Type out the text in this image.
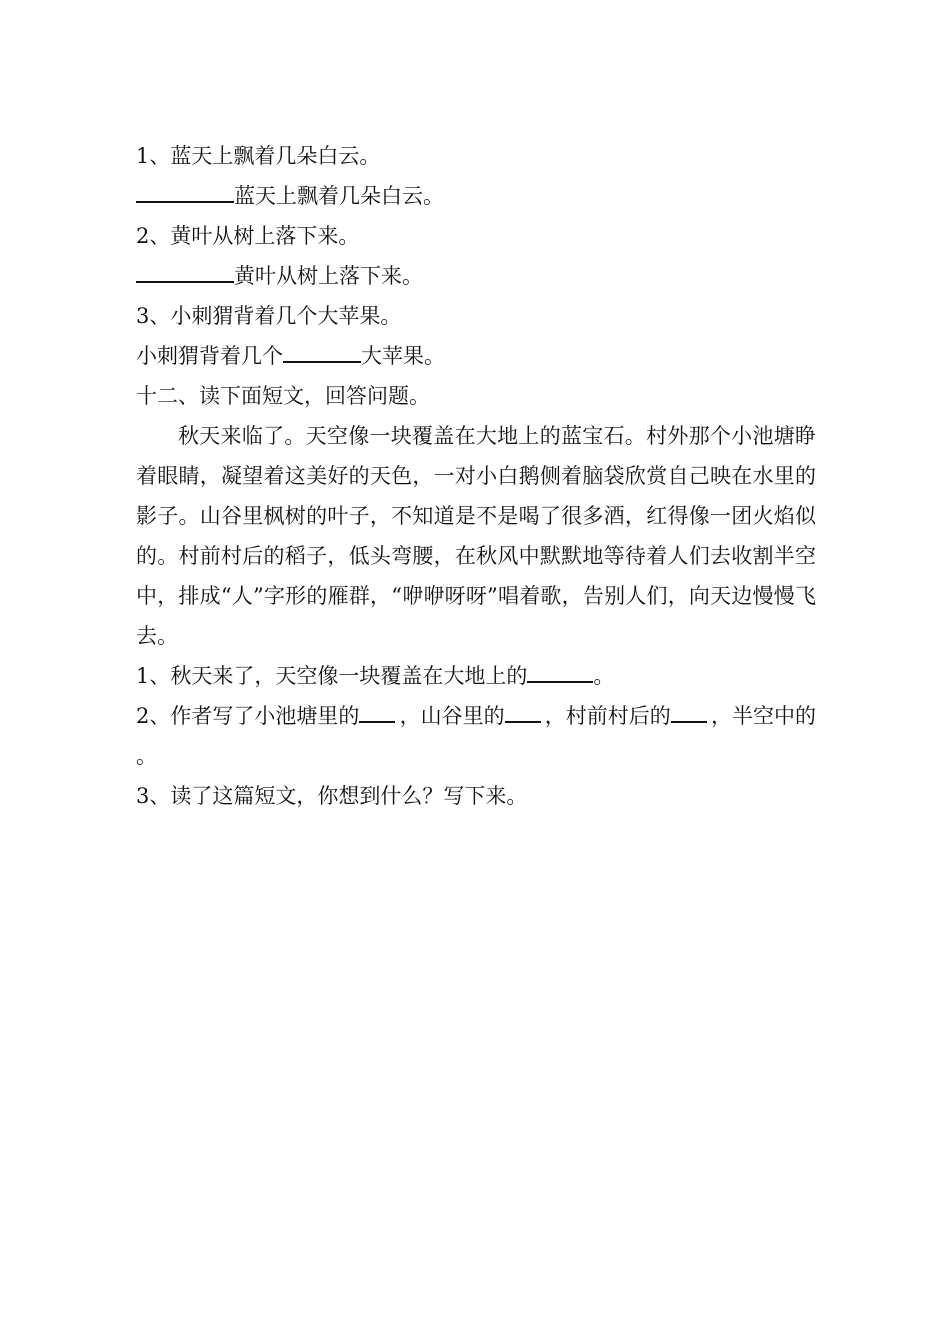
1、蓝天上飘着几朵白云。

蓝天上飘着几朵白云。

2、黄叶从树上落下来。

黄叶从树上落下来。

3、小刺猬背着几个大苹果。

小刺猬背着几个	大苹果。

十二、读下面短文，回答问题。

秋天来临了。天空像一块覆盖在大地上的蓝宝石。村外那个小池塘睁着眼睛，凝望着这美好的天色，一对小白鹅侧着脑袋欣赏自己映在水里的影子。山谷里枫树的叶子，不知道是不是喝了很多酒，红得像一团火焰似的。村前村后的稻子，低头弯腰，在秋风中默默地等待着人们去收割半空中，排成“人”字形的雁群，“咿咿呀呀”唱着歌，告别人们，向天边慢慢飞去。

1、秋天来了，天空像一块覆盖在大地上的	。

2、作者写了小池塘里的	，山谷里的	，村前村后的	，半空中的

。

3、读了这篇短文，你想到什么？写下来。
